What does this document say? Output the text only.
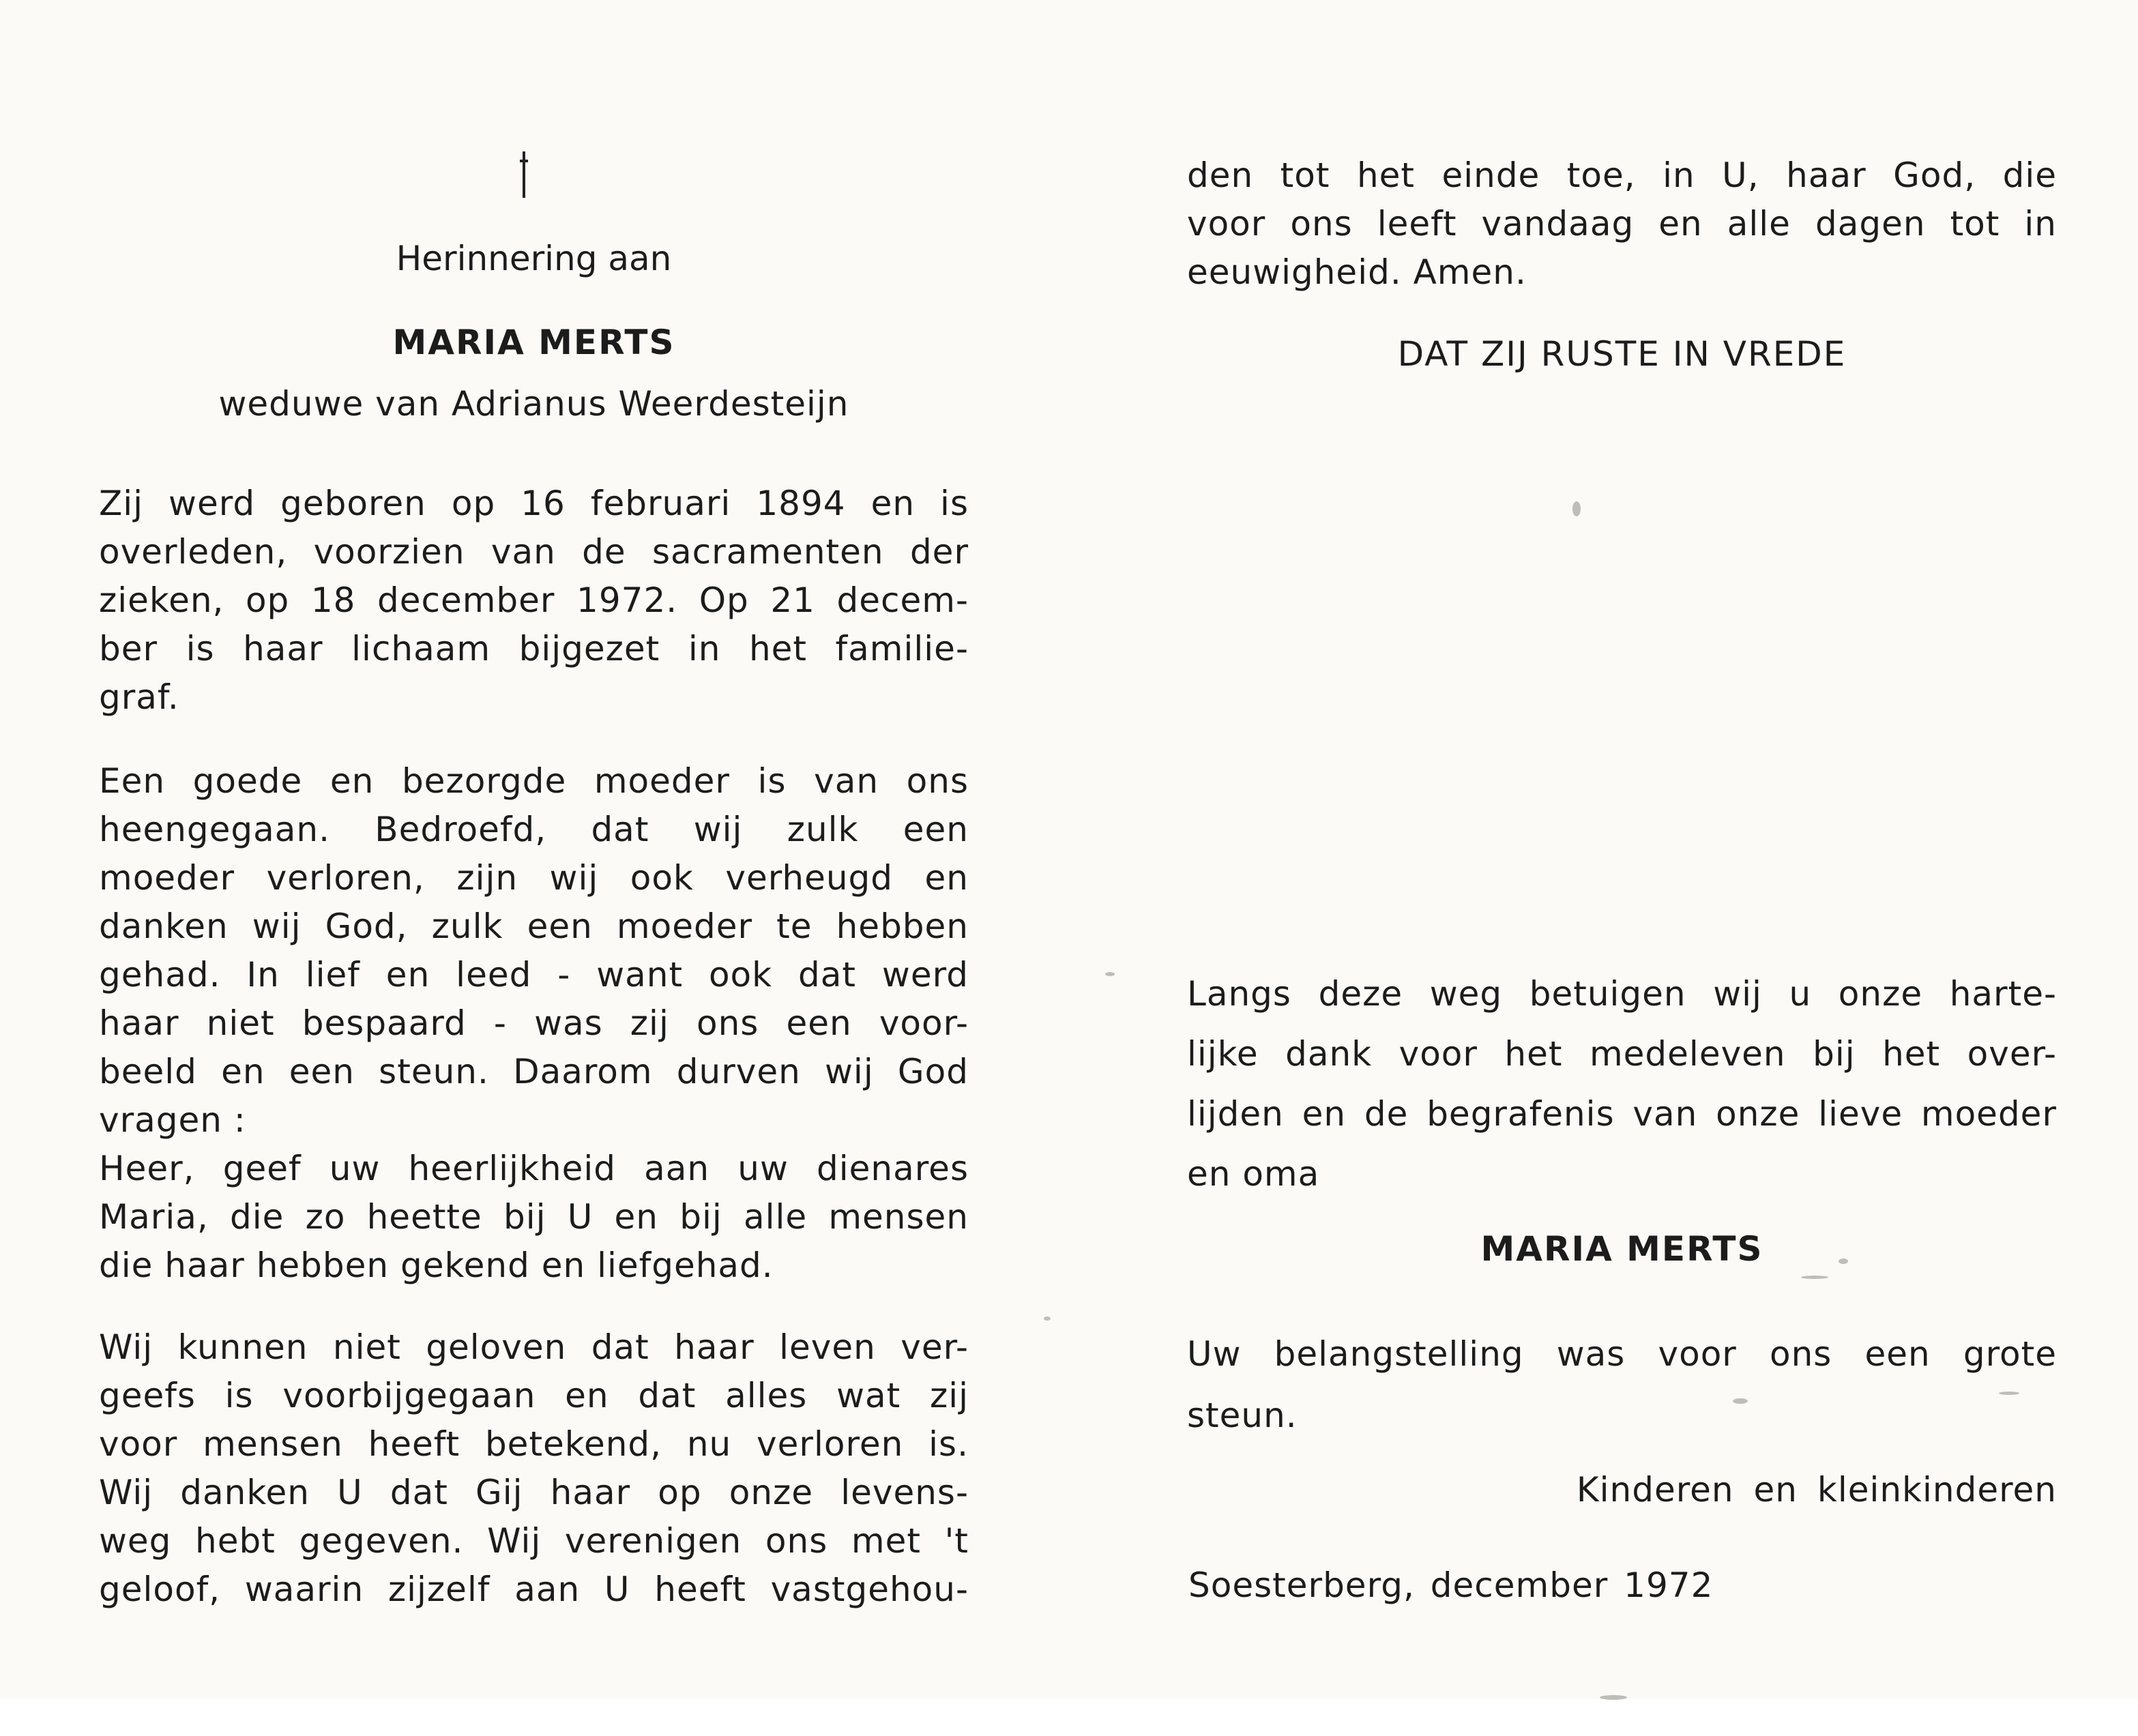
Herinnering aan
MARIA MERTS
weduwe van Adrianus Weerdesteijn
Zij werd geboren op 16 februari 1894 en is
overleden, voorzien van de sacramenten der
zieken, op 18 december 1972. Op 21 decem-
ber is haar lichaam bijgezet in het familie-
graf.
Een goede en bezorgde moeder is van ons
heengegaan. Bedroefd, dat wij zulk een
moeder verloren, zijn wij ook verheugd en
danken wij God, zulk een moeder te hebben
gehad. In lief en leed - want ook dat werd
haar niet bespaard - was zij ons een voor-
beeld en een steun. Daarom durven wij God
vragen :
Heer, geef uw heerlijkheid aan uw dienares
Maria, die zo heette bij U en bij alle mensen
die haar hebben gekend en liefgehad.
Wij kunnen niet geloven dat haar leven ver-
geefs is voorbijgegaan en dat alles wat zij
voor mensen heeft betekend, nu verloren is.
Wij danken U dat Gij haar op onze levens-
weg hebt gegeven. Wij verenigen ons met 't
geloof, waarin zijzelf aan U heeft vastgehou-
den tot het einde toe, in U, haar God, die
voor ons leeft vandaag en alle dagen tot in
eeuwigheid. Amen.
DAT ZIJ RUSTE IN VREDE
Langs deze weg betuigen wij u onze harte-
lijke dank voor het medeleven bij het over-
lijden en de begrafenis van onze lieve moeder
en oma
MARIA MERTS
Uw belangstelling was voor ons een grote
steun.
Kinderen en kleinkinderen
Soesterberg, december 1972
